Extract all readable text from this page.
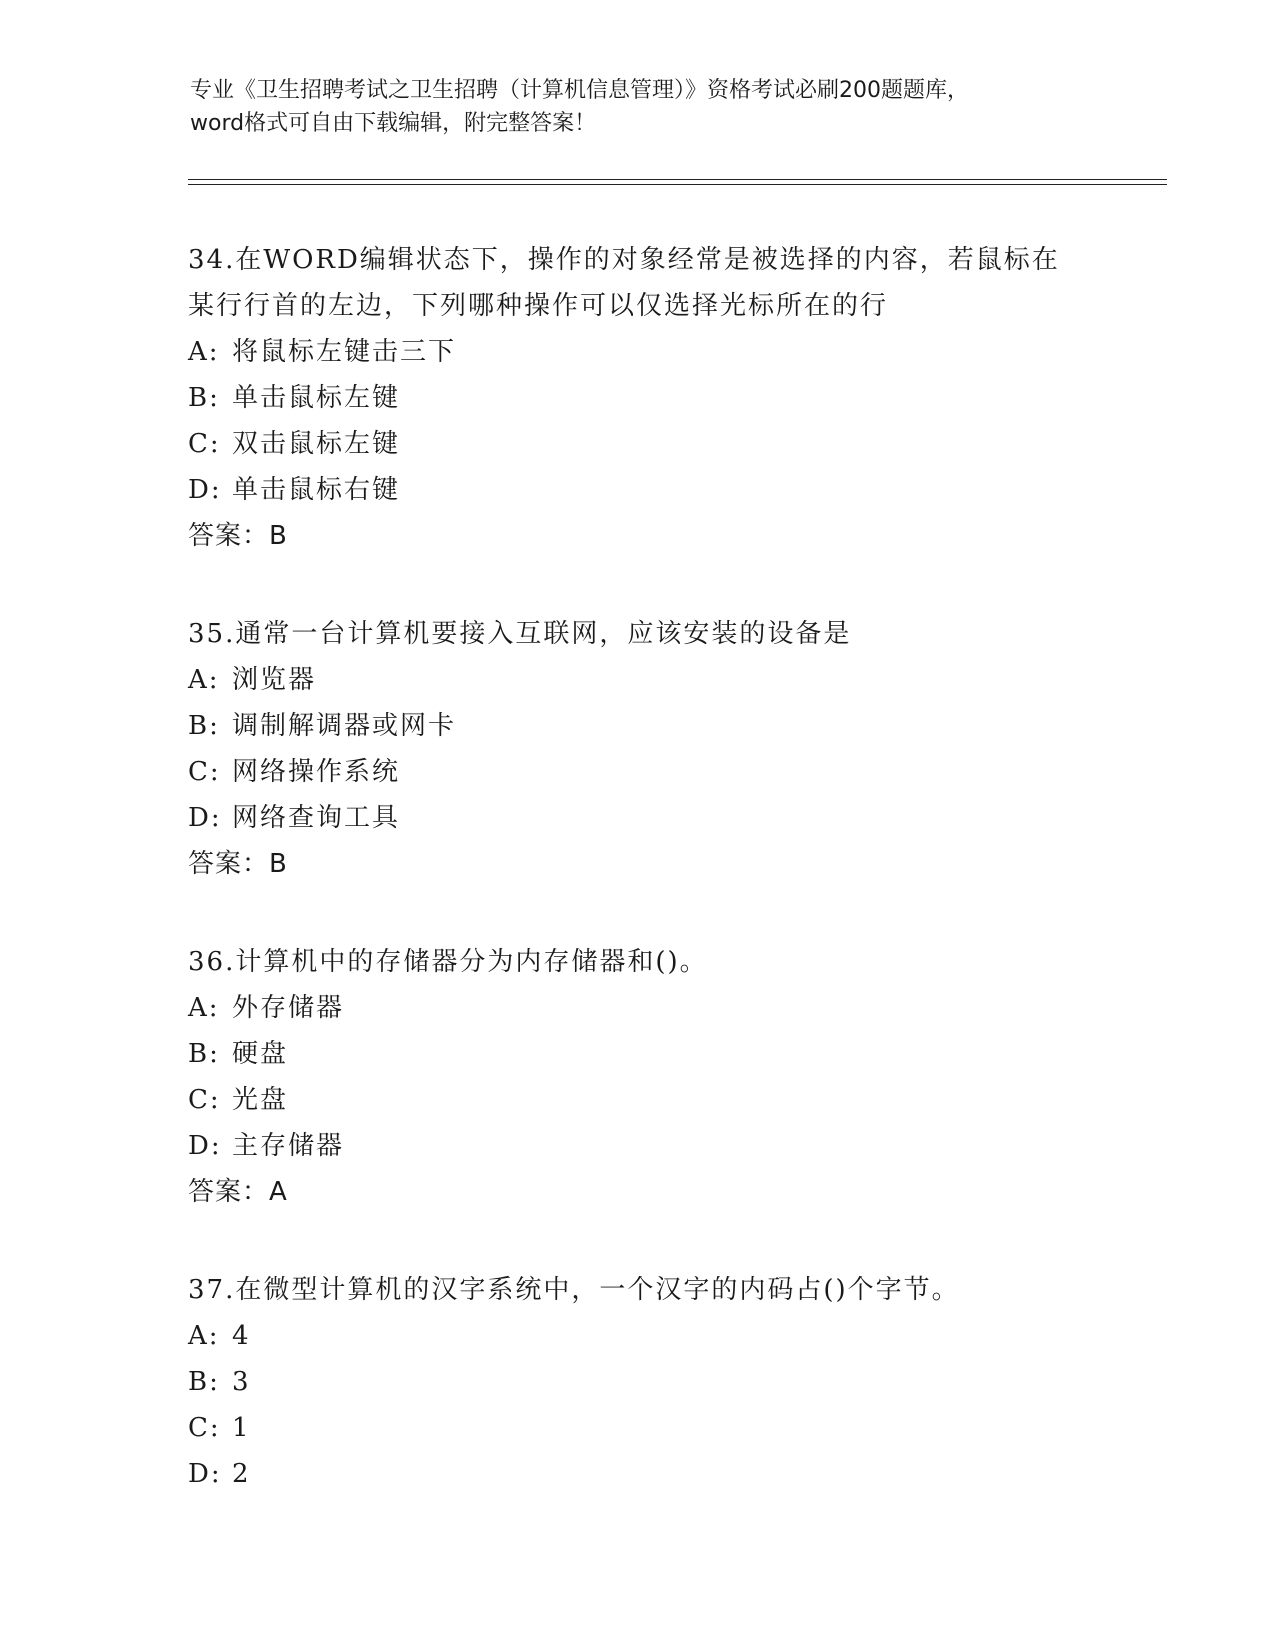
专业《卫生招聘考试之卫生招聘（计算机信息管理）》资格考试必刷200题题库，

word格式可自由下载编辑，附完整答案！

34.在WORD编辑状态下，操作的对象经常是被选择的内容，若鼠标在

某行行首的左边，下列哪种操作可以仅选择光标所在的行

A: 将鼠标左键击三下

B: 单击鼠标左键

C: 双击鼠标左键

D: 单击鼠标右键

答案：B

35.通常一台计算机要接入互联网，应该安装的设备是

A: 浏览器

B: 调制解调器或网卡

C: 网络操作系统

D: 网络查询工具

答案：B

36.计算机中的存储器分为内存储器和()。

A: 外存储器

B: 硬盘

C: 光盘

D: 主存储器

答案：A

37.在微型计算机的汉字系统中，一个汉字的内码占()个字节。

A: 4

B: 3

C: 1

D: 2
